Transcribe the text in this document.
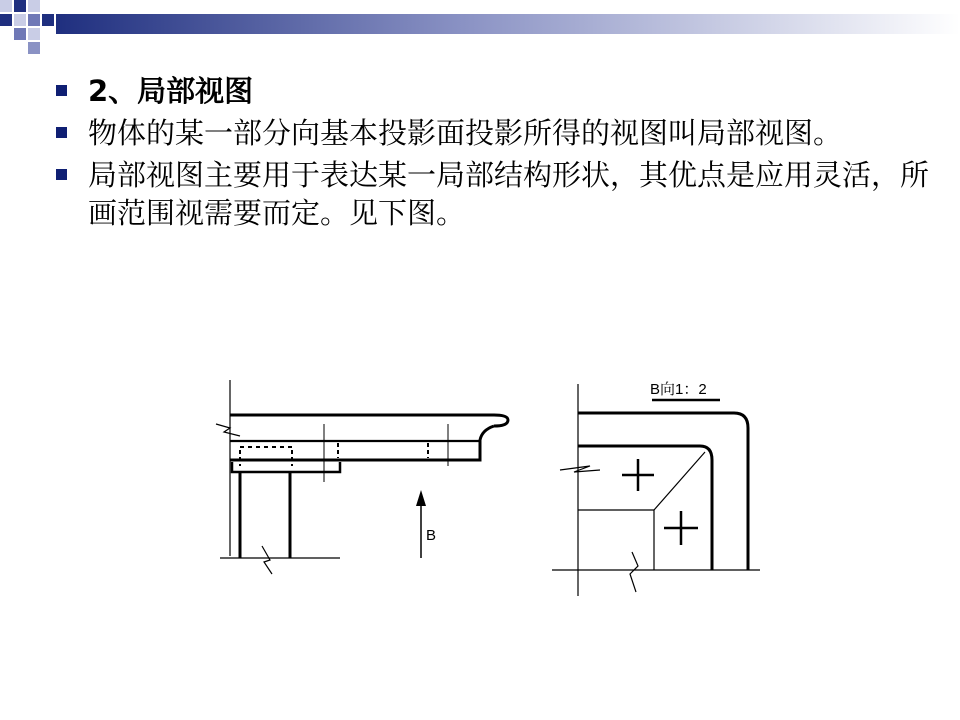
2、局部视图
物体的某一部分向基本投影面投影所得的视图叫局部视图。
局部视图主要用于表达某一局部结构形状，其优点是应用灵活，所画范围视需要而定。见下图。
B
B向1：2
